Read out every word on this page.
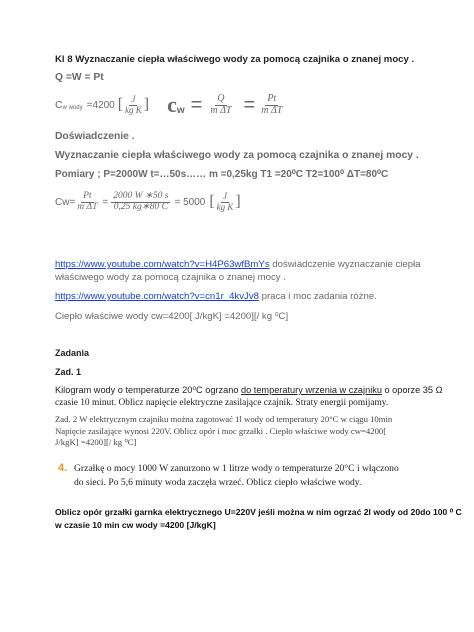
Kl 8 Wyznaczanie ciepła właściwego wody za pomocą czajnika o znanej mocy .
Q =W = Pt
C w wody =4200 [ $\frac{J}{\text{kg K}}$ ] c $w = \frac{Q}{\text{m ΔT}} = \frac{Pt}{\text{m ΔT}}$
Doświadczenie .
Wyznaczanie ciepła właściwego wody za pomocą czajnika o znanej mocy .
Pomiary ; P=2000W t=…50s…… m =0,25kg T1 =20⁰C T2=100⁰ ΔT=80⁰C
$Cw= \frac{Pt}{\text{m ΔT}} = \frac{2000 W ∗50 s}{0,25 kg∗80 C} = 5000$ [ $\frac{J}{\text{kg K}}$ ]
https://www.youtube.com/watch?v=H4P63wfBmYs doświadczenie wyznaczanie ciepła
właściwego wody za pomocą czajnika o znanej mocy .
https://www.youtube.com/watch?v=cn1r_4kvJv8 praca i moc zadania różne.
Ciepło właściwe wody cw=4200[ J/kgK] =4200][/ kg ⁰C]
Zadania
Zad. 1
Kilogram wody o temperaturze 20⁰C ogrzano do temperatury wrzenia w czajniku o oporze 35 Ω
czasie 10 minut. Oblicz napięcie elektryczne zasilające czajnik. Straty energii pomijamy.
Zad. 2 W elektrycznym czajniku można zagotować 1l wody od temperatury 20°C w ciągu 10min
Napięcie zasilające wynosi 220V. Oblicz opór i moc grzałki . Ciepło właściwe wody cw=4200[
J/kgK] =4200][/ kg ⁰C]
4. Grzałkę o mocy 1000 W zanurzono w 1 litrze wody o temperaturze 20°C i włączono
do sieci. Po 5,6 minuty woda zaczęła wrzeć. Oblicz ciepło właściwe wody.
Oblicz opór grzałki garnka elektrycznego U=220V jeśli można w nim ogrzać 2l wody od 20do 100 ⁰ C
w czasie 10 min cw wody =4200 [J/kgK]
